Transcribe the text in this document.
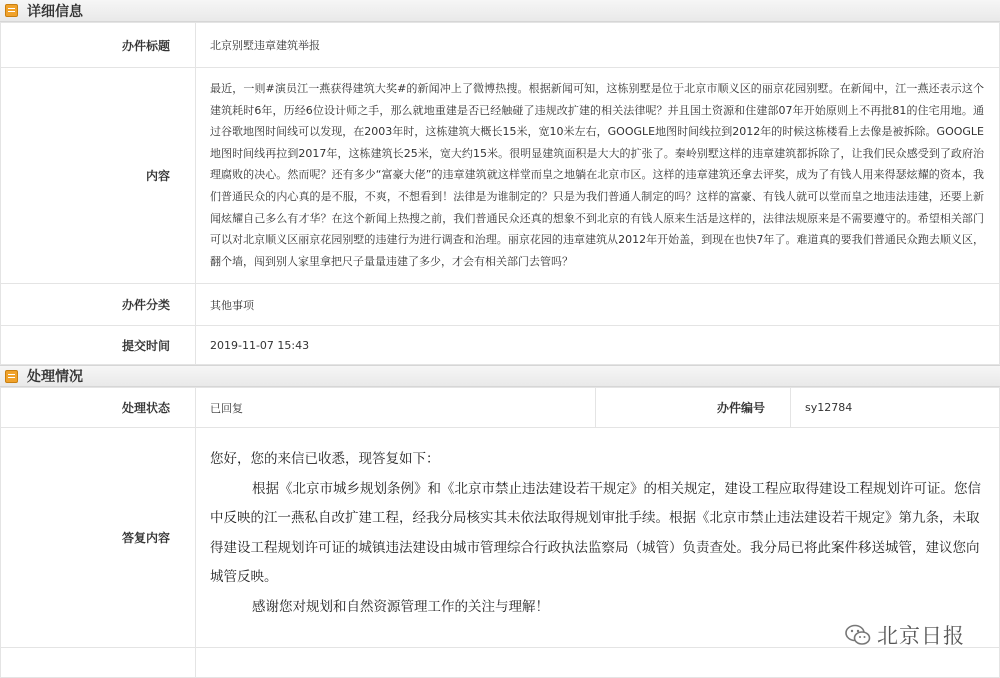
详细信息
办件标题	北京别墅违章建筑举报
内容	最近，一则#演员江一燕获得建筑大奖#的新闻冲上了微博热搜。根据新闻可知，这栋别墅是位于北京市顺义区的丽京花园别墅。在新闻中，江一燕还表示这个建筑耗时6年，历经6位设计师之手，那么就地重建是否已经触碰了违规改扩建的相关法律呢？并且国土资源和住建部07年开始原则上不再批81的住宅用地。通过谷歌地图时间线可以发现，在2003年时，这栋建筑大概长15米，宽10米左右，GOOGLE地图时间线拉到2012年的时候这栋楼看上去像是被拆除。GOOGLE地图时间线再拉到2017年，这栋建筑长25米，宽大约15米。很明显建筑面积是大大的扩张了。秦岭别墅这样的违章建筑都拆除了，让我们民众感受到了政府治理腐败的决心。然而呢？还有多少“富豪大佬”的违章建筑就这样堂而皇之地躺在北京市区。这样的违章建筑还拿去评奖，成为了有钱人用来得瑟炫耀的资本，我们普通民众的内心真的是不服，不爽，不想看到！法律是为谁制定的？只是为我们普通人制定的吗？这样的富豪、有钱人就可以堂而皇之地违法违建，还要上新闻炫耀自己多么有才华？在这个新闻上热搜之前，我们普通民众还真的想象不到北京的有钱人原来生活是这样的，法律法规原来是不需要遵守的。希望相关部门可以对北京顺义区丽京花园别墅的违建行为进行调查和治理。丽京花园的违章建筑从2012年开始盖，到现在也快7年了。难道真的要我们普通民众跑去顺义区，翻个墙，闯到别人家里拿把尺子量量违建了多少，才会有相关部门去管吗？

办件分类	其他事项
提交时间	2019-11-07 15:43
处理情况
处理状态	已回复	办件编号	sy12784
答复内容	您好，您的来信已收悉，现答复如下：

根据《北京市城乡规划条例》和《北京市禁止违法建设若干规定》的相关规定，建设工程应取得建设工程规划许可证。您信中反映的江一燕私自改扩建工程，经我分局核实其未依法取得规划审批手续。根据《北京市禁止违法建设若干规定》第九条，未取得建设工程规划许可证的城镇违法建设由城市管理综合行政执法监察局（城管）负责查处。我分局已将此案件移送城管，建议您向城管反映。

感谢您对规划和自然资源管理工作的关注与理解！		

北京日报
